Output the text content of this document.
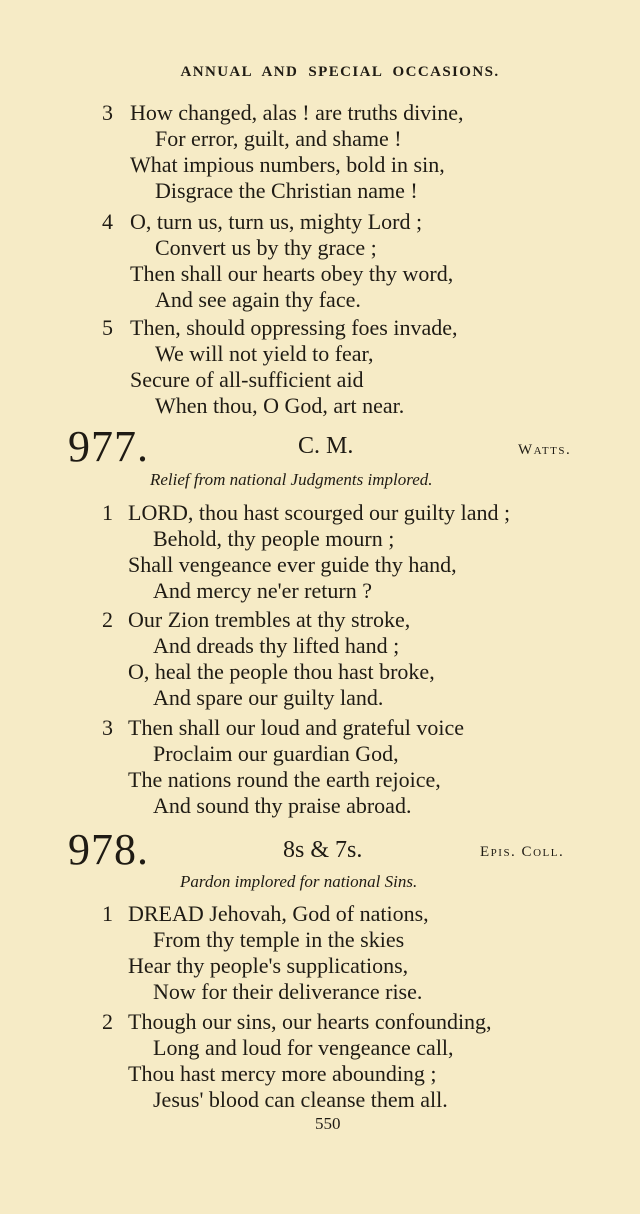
ANNUAL AND SPECIAL OCCASIONS.
3 How changed, alas ! are truths divine,
For error, guilt, and shame !
What impious numbers, bold in sin,
Disgrace the Christian name !
4 O, turn us, turn us, mighty Lord ;
Convert us by thy grace ;
Then shall our hearts obey thy word,
And see again thy face.
5 Then, should oppressing foes invade,
We will not yield to fear,
Secure of all-sufficient aid
When thou, O God, art near.
977.	C. M.	Watts.
Relief from national Judgments implored.
1 LORD, thou hast scourged our guilty land ;
Behold, thy people mourn ;
Shall vengeance ever guide thy hand,
And mercy ne'er return ?
2 Our Zion trembles at thy stroke,
And dreads thy lifted hand ;
O, heal the people thou hast broke,
And spare our guilty land.
3 Then shall our loud and grateful voice
Proclaim our guardian God,
The nations round the earth rejoice,
And sound thy praise abroad.
978.	8s & 7s.	Epis. Coll.
Pardon implored for national Sins.
1 DREAD Jehovah, God of nations,
From thy temple in the skies
Hear thy people's supplications,
Now for their deliverance rise.
2 Though our sins, our hearts confounding,
Long and loud for vengeance call,
Thou hast mercy more abounding ;
Jesus' blood can cleanse them all.
550
